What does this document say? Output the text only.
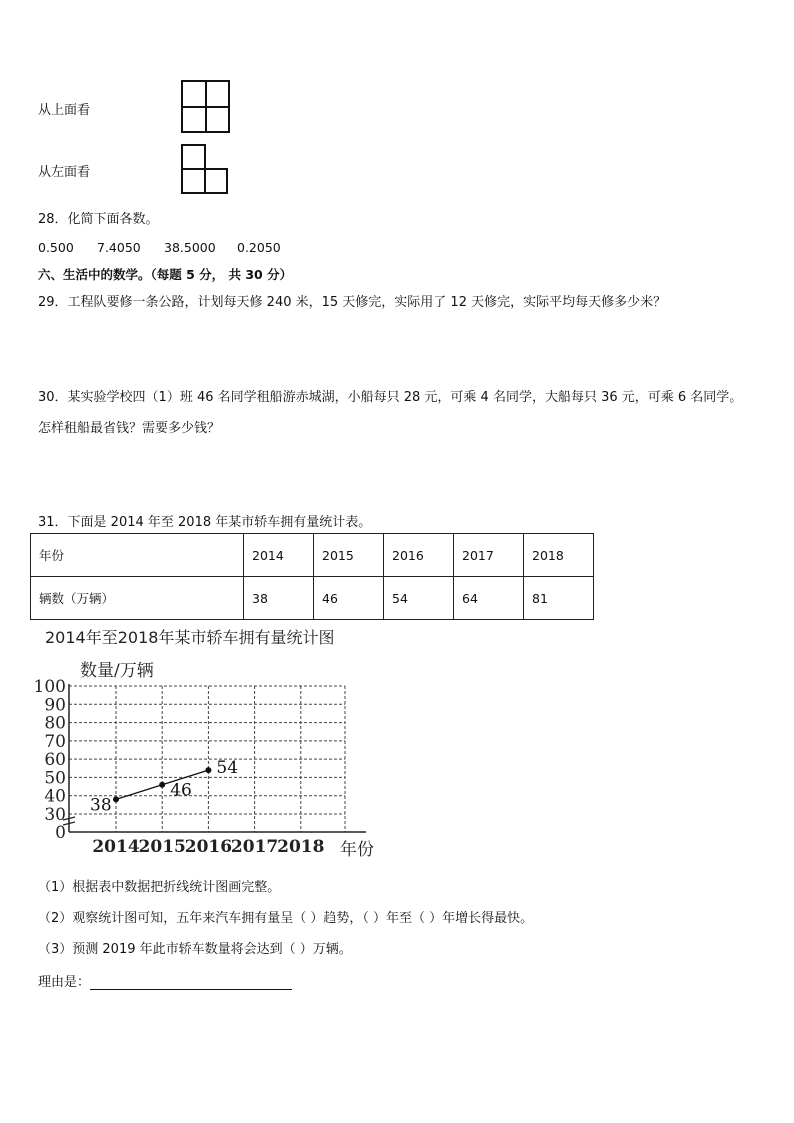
从上面看
从左面看
28．化简下面各数。
0.500 7.4050 38.5000 0.2050
六、生活中的数学。（每题 5 分， 共 30 分）
29．工程队要修一条公路，计划每天修 240 米，15 天修完，实际用了 12 天修完，实际平均每天修多少米？
30．某实验学校四（1）班 46 名同学租船游赤城湖，小船每只 28 元，可乘 4 名同学，大船每只 36 元，可乘 6 名同学。
怎样租船最省钱？需要多少钱？
31．下面是 2014 年至 2018 年某市轿车拥有量统计表。
年份	2014	2015	2016	2017	2018
辆数（万辆）	38	46	54	64	81
2014年至2018年某市轿车拥有量统计图
数量/万辆
100
90
80
70
60
50
40
30
0
2014
2015
2016
2017
2018 年份
38
46
54
（1）根据表中数据把折线统计图画完整。
（2）观察统计图可知，五年来汽车拥有量呈（ ）趋势，（ ）年至（ ）年增长得最快。
（3）预测 2019 年此市轿车数量将会达到（ ）万辆。
理由是：
